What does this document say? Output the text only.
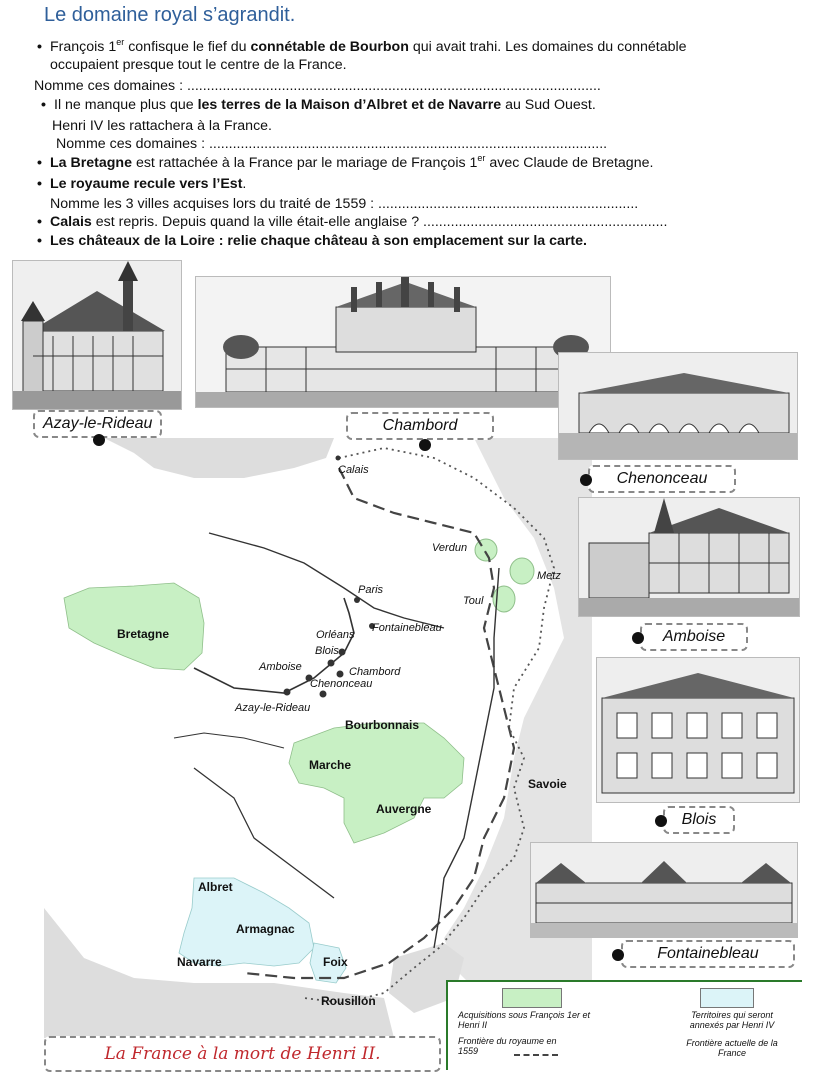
Le domaine royal s’agrandit.
• François 1er confisque le fief du connétable de Bourbon qui avait trahi. Les domaines du connétable
occupaient presque tout le centre de la France.
Nomme ces domaines : .........................................................................................................
• Il ne manque plus que les terres de la Maison d’Albret et de Navarre au Sud Ouest.
Henri IV les rattachera à la France.
Nomme ces domaines : .....................................................................................................
• La Bretagne est rattachée à la France par le mariage de François 1er avec Claude de Bretagne.
• Le royaume recule vers l’Est.
Nomme les 3 villes acquises lors du traité de 1559 : ..................................................................
• Calais est repris. Depuis quand la ville était-elle anglaise ? ..............................................................
• Les châteaux de la Loire : relie chaque château à son emplacement sur la carte.
Calais
Verdun
Metz
Toul
Paris
Fontainebleau
Orléans
Blois
Amboise	Chambord
Chenonceau
Azay-le-Rideau
Bretagne
Bourbonnais
Marche
Auvergne
Savoie
Albret
Armagnac
Navarre	Foix
Rousillon
Azay-le-Rideau	Chambord
Chenonceau
Amboise
Blois
Fontainebleau
La France à la mort de Henri II.
Acquisitions sous François 1er et Henri II
Frontière du royaume en 1559
Territoires qui seront annexés par Henri IV
Frontière actuelle de la France
